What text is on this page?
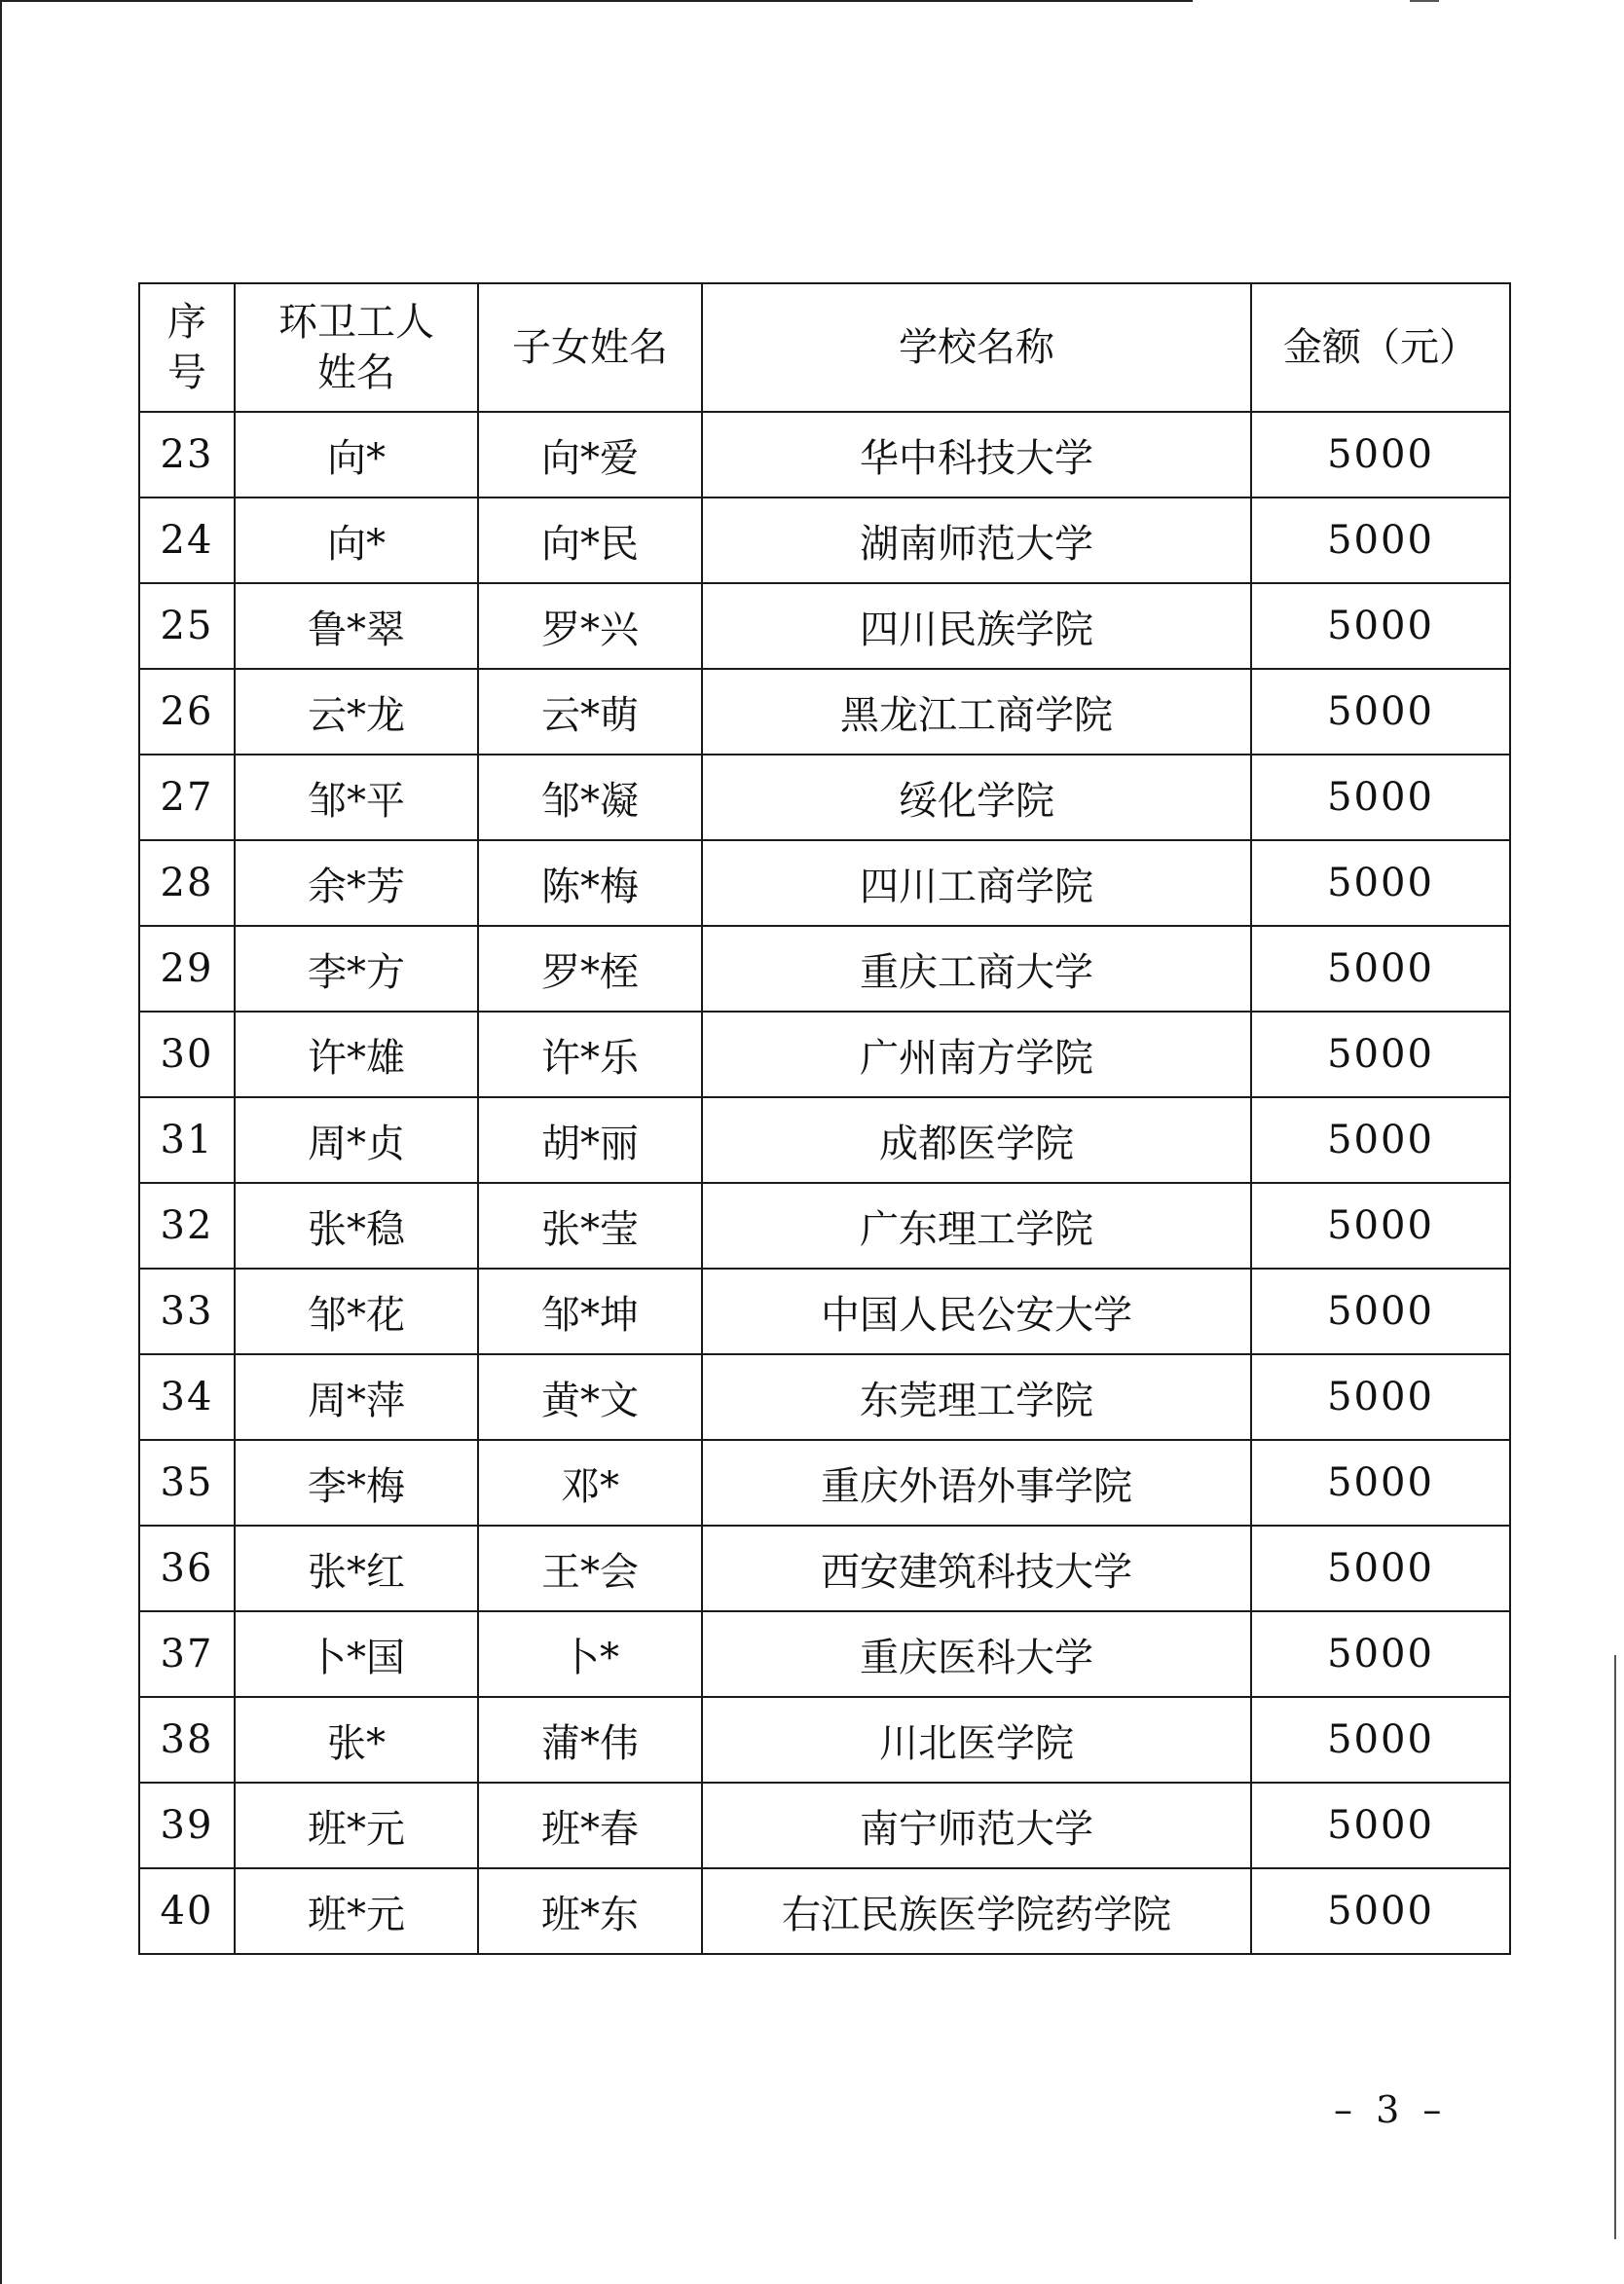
序号	环卫工人姓名	子女姓名	学校名称	金额（元）
23	向*	向*爱	华中科技大学	5000
24	向*	向*民	湖南师范大学	5000
25	鲁*翠	罗*兴	四川民族学院	5000
26	云*龙	云*萌	黑龙江工商学院	5000
27	邹*平	邹*凝	绥化学院	5000
28	余*芳	陈*梅	四川工商学院	5000
29	李*方	罗*桎	重庆工商大学	5000
30	许*雄	许*乐	广州南方学院	5000
31	周*贞	胡*丽	成都医学院	5000
32	张*稳	张*莹	广东理工学院	5000
33	邹*花	邹*坤	中国人民公安大学	5000
34	周*萍	黄*文	东莞理工学院	5000
35	李*梅	邓*	重庆外语外事学院	5000
36	张*红	王*会	西安建筑科技大学	5000
37	卜*国	卜*	重庆医科大学	5000
38	张*	蒲*伟	川北医学院	5000
39	班*元	班*春	南宁师范大学	5000
40	班*元	班*东	右江民族医学院药学院	5000
– 3 –
